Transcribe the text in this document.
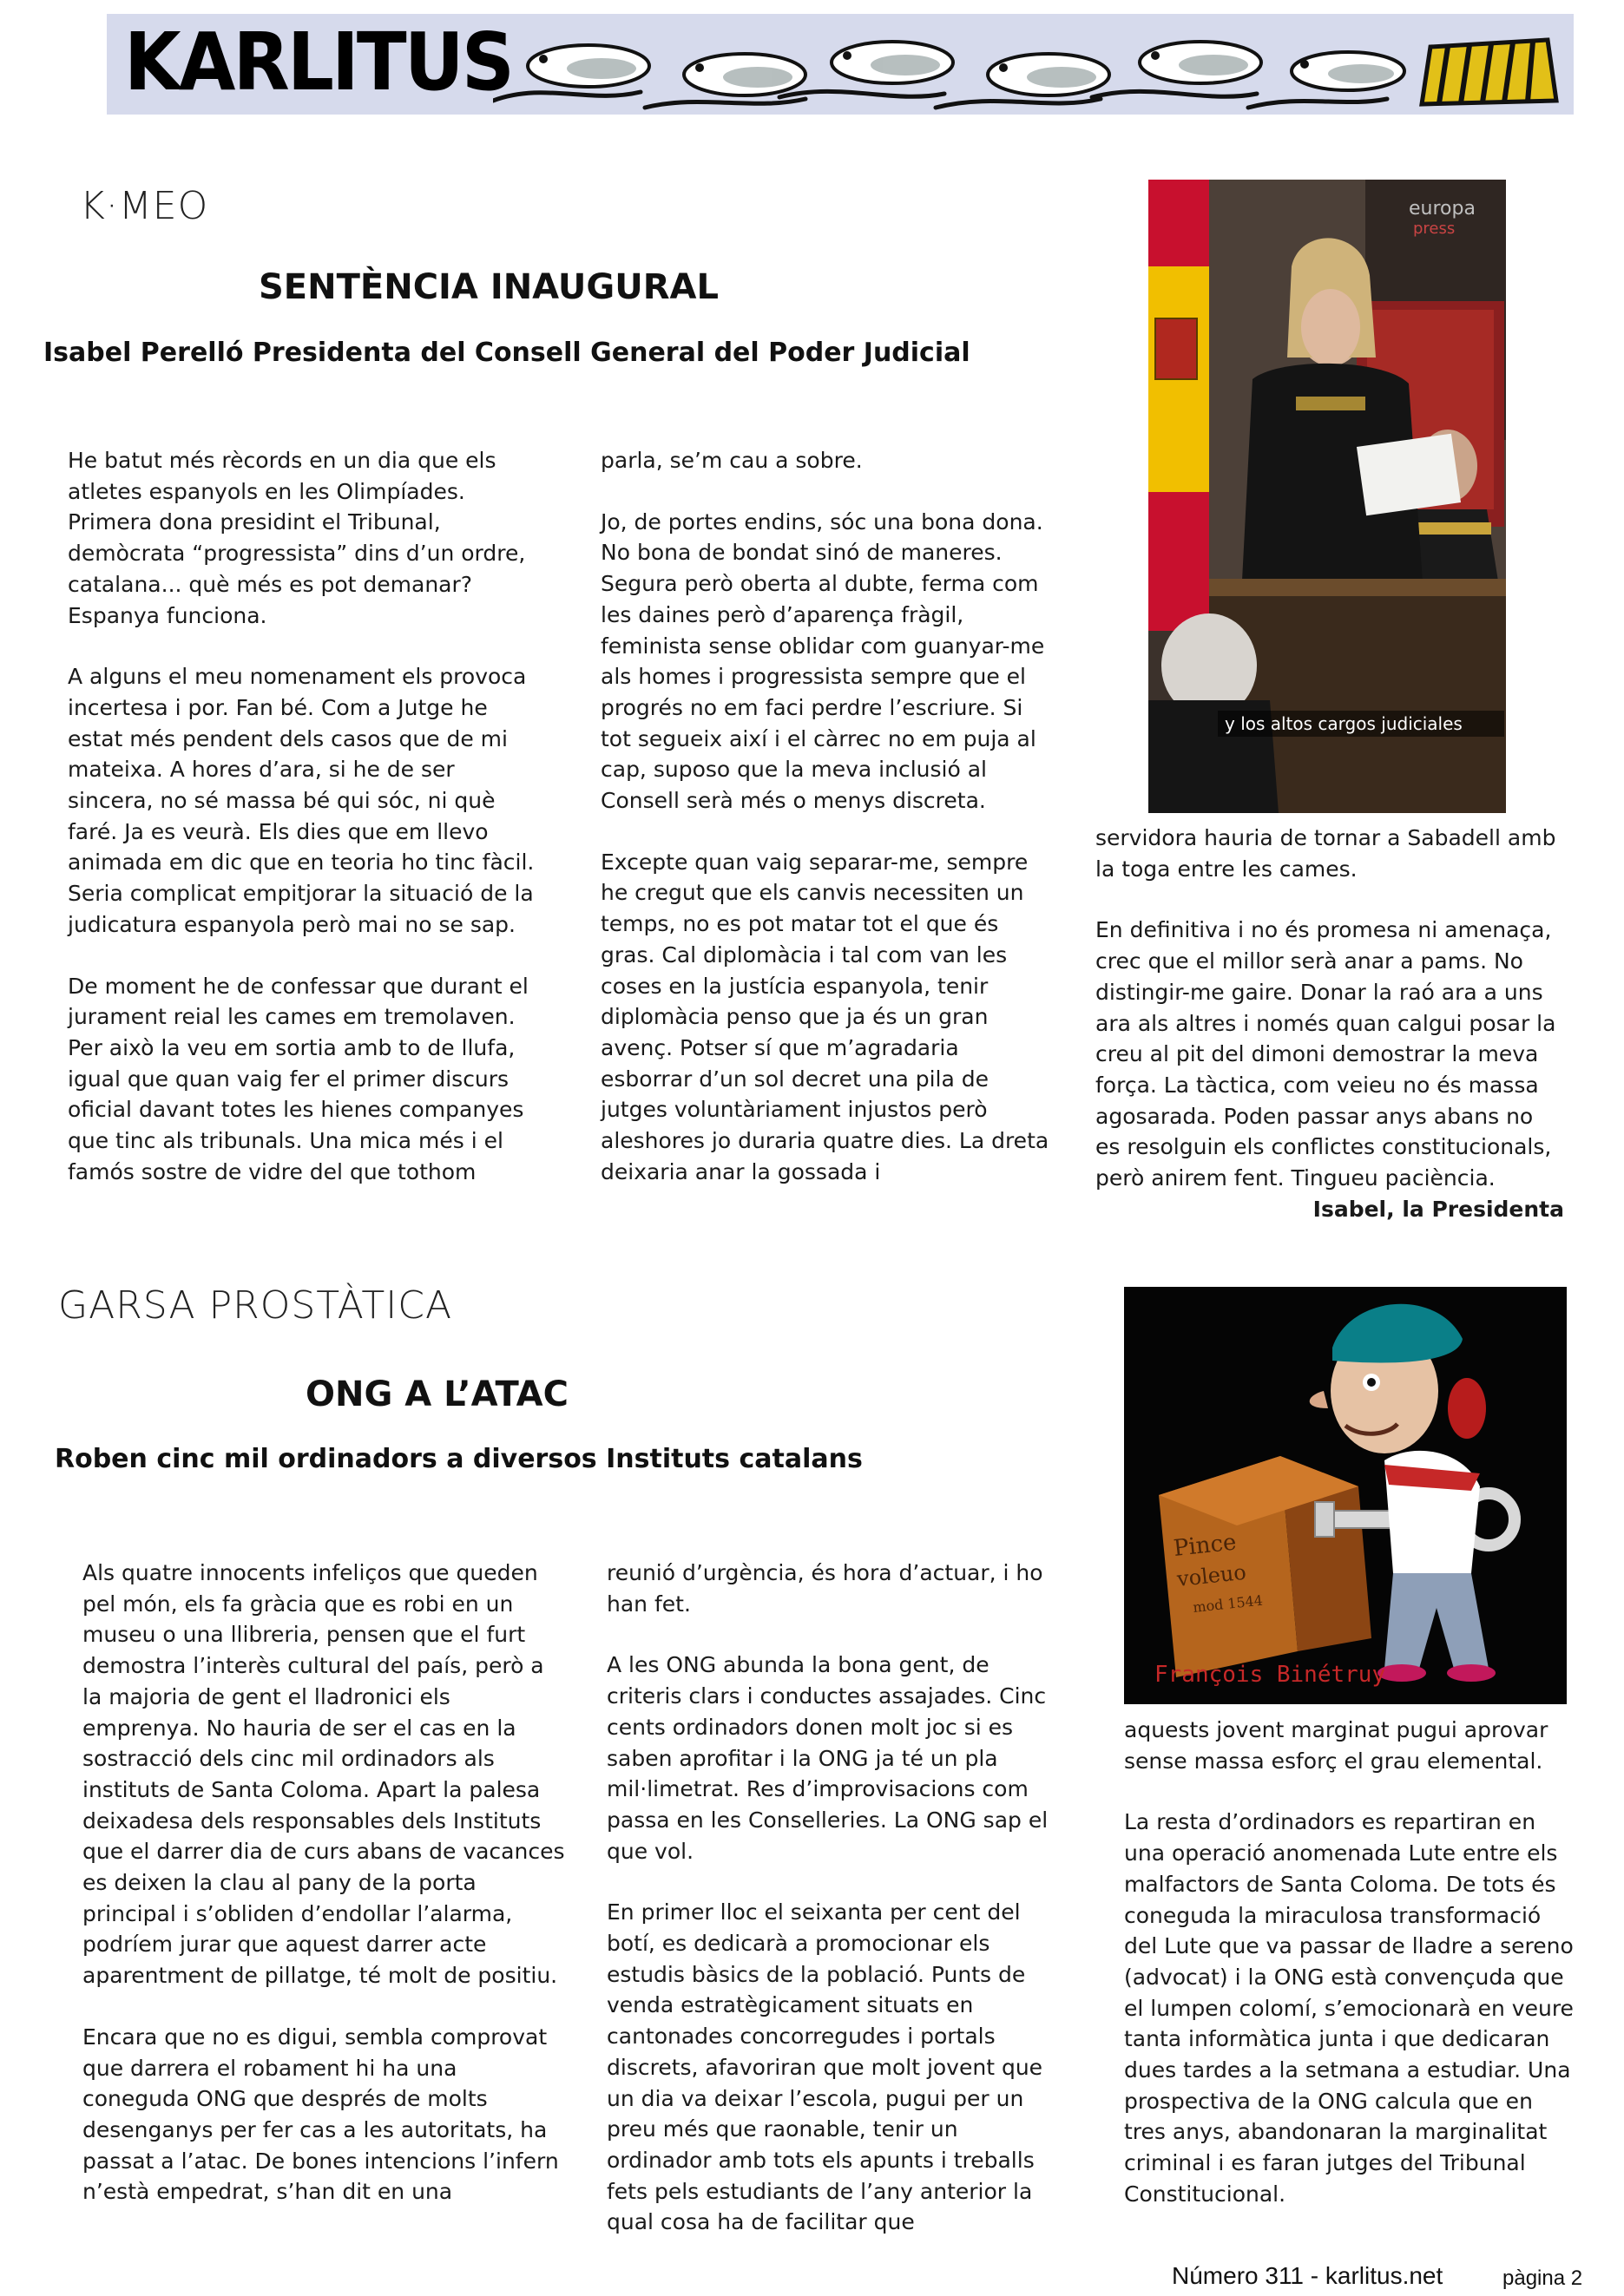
KARLITUS
K·MEO
SENTÈNCIA INAUGURAL
Isabel Perelló Presidenta del Consell General del Poder Judicial
europa
press
y los altos cargos judiciales

He batut més rècords en un dia que els atletes espanyols en les Olimpíades. Primera dona presidint el Tribunal, demòcrata “progressista” dins d’un ordre, catalana... què més es pot demanar? Espanya funciona.

A alguns el meu nomenament els provoca incertesa i por. Fan bé. Com a Jutge he estat més pendent dels casos que de mi mateixa. A hores d’ara, si he de ser sincera, no sé massa bé qui sóc, ni què faré. Ja es veurà. Els dies que em llevo animada em dic que en teoria ho tinc fàcil. Seria complicat empitjorar la situació de la judicatura espanyola però mai no se sap.

De moment he de confessar que durant el jurament reial les cames em tremolaven. Per això la veu em sortia amb to de llufa, igual que quan vaig fer el primer discurs oficial davant totes les hienes companyes que tinc als tribunals. Una mica més i el famós sostre de vidre del que tothom

parla, se’m cau a sobre.

Jo, de portes endins, sóc una bona dona. No bona de bondat sinó de maneres. Segura però oberta al dubte, ferma com les daines però d’aparença fràgil, feminista sense oblidar com guanyar-me als homes i progressista sempre que el progrés no em faci perdre l’escriure. Si tot segueix així i el càrrec no em puja al cap, suposo que la meva inclusió al Consell serà més o menys discreta.

Excepte quan vaig separar-me, sempre he cregut que els canvis necessiten un temps, no es pot matar tot el que és gras. Cal diplomàcia i tal com van les coses en la justícia espanyola, tenir diplomàcia penso que ja és un gran avenç. Potser sí que m’agradaria esborrar d’un sol decret una pila de jutges voluntàriament injustos però aleshores jo duraria quatre dies. La dreta deixaria anar la gossada i

servidora hauria de tornar a Sabadell amb la toga entre les cames.

En definitiva i no és promesa ni amenaça, crec que el millor serà anar a pams. No distingir-me gaire. Donar la raó ara a uns ara als altres i només quan calgui posar la creu al pit del dimoni demostrar la meva força. La tàctica, com veieu no és massa agosarada. Poden passar anys abans no es resolguin els conflictes constitucionals, però anirem fent. Tingueu paciència.

Isabel, la Presidenta
GARSA PROSTÀTICA
ONG A L’ATAC
Roben cinc mil ordinadors a diversos Instituts catalans
Pince
voleuo
mod 1544
François Binétruy

Als quatre innocents infeliços que queden pel món, els fa gràcia que es robi en un museu o una llibreria, pensen que el furt demostra l’interès cultural del país, però a la majoria de gent el lladronici els emprenya. No hauria de ser el cas en la sostracció dels cinc mil ordinadors als instituts de Santa Coloma. Apart la palesa deixadesa dels responsables dels Instituts que el darrer dia de curs abans de vacances es deixen la clau al pany de la porta principal i s’obliden d’endollar l’alarma, podríem jurar que aquest darrer acte aparentment de pillatge, té molt de positiu.

Encara que no es digui, sembla comprovat que darrera el robament hi ha una coneguda ONG que després de molts desenganys per fer cas a les autoritats, ha passat a l’atac. De bones intencions l’infern n’està empedrat, s’han dit en una

reunió d’urgència, és hora d’actuar, i ho han fet.

A les ONG abunda la bona gent, de criteris clars i conductes assajades. Cinc cents ordinadors donen molt joc si es saben aprofitar i la ONG ja té un pla mil·limetrat. Res d’improvisacions com passa en les Conselleries. La ONG sap el que vol.

En primer lloc el seixanta per cent del botí, es dedicarà a promocionar els estudis bàsics de la població. Punts de venda estratègicament situats en cantonades concorregudes i portals discrets, afavoriran que molt jovent que un dia va deixar l’escola, pugui per un preu més que raonable, tenir un ordinador amb tots els apunts i treballs fets pels estudiants de l’any anterior la qual cosa ha de facilitar que

aquests jovent marginat pugui aprovar sense massa esforç el grau elemental.

La resta d’ordinadors es repartiran en una operació anomenada Lute entre els malfactors de Santa Coloma. De tots és coneguda la miraculosa transformació del Lute que va passar de lladre a sereno (advocat) i la ONG està convençuda que el lumpen colomí, s’emocionarà en veure tanta informàtica junta i que dedicaran dues tardes a la setmana a estudiar. Una prospectiva de la ONG calcula que en tres anys, abandonaran la marginalitat criminal i es faran jutges del Tribunal Constitucional.

Número 311 - karlitus.net	pàgina 2
